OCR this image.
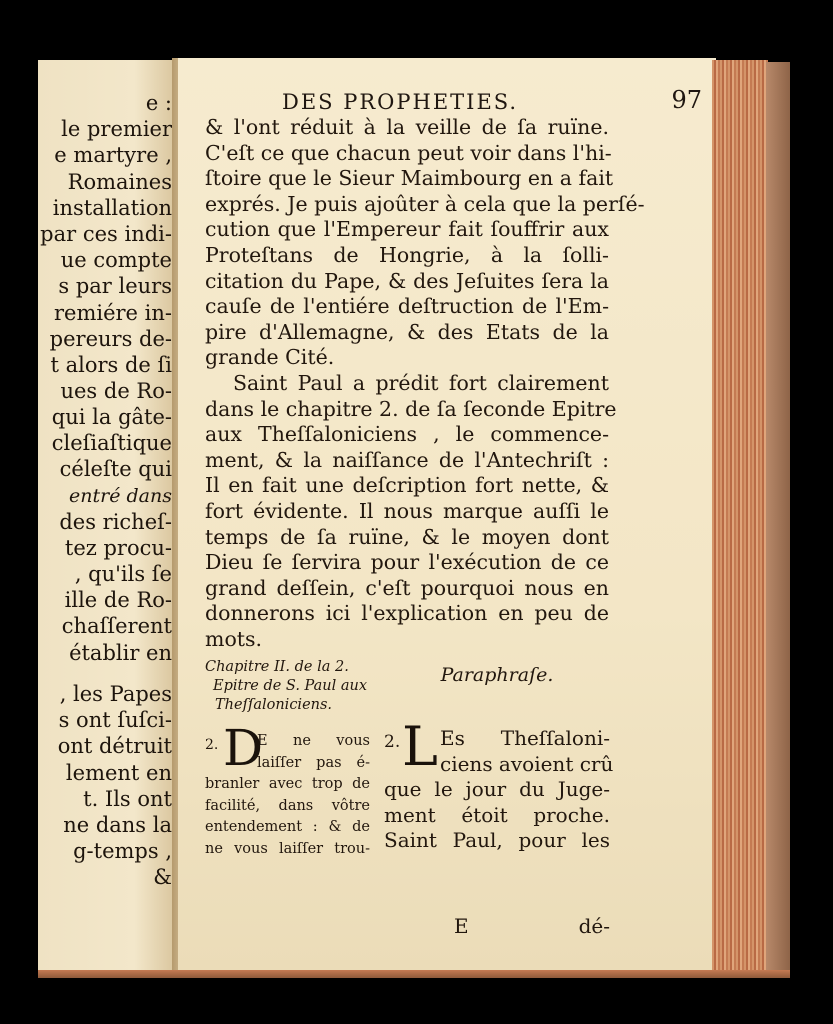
e :
le premier
e martyre ,
Romaines
installation
par ces indi-
ue compte
s par leurs
remiére in-
pereurs de-
t alors de ſi
ues de Ro-
qui la gâte-
cleſiaſtique
céleſte qui
entré dans
des richeſ-
tez procu-
, qu'ils ſe
ille de Ro-
chaſſerent
établir en
, les Papes
s ont ſuſci-
ont détruit
lement en
t. Ils ont
ne dans la
g-temps ,
&
DES PROPHETIES.	97
& l'ont réduit à la veille de ſa ruïne.
C'eſt ce que chacun peut voir dans l'hi-
ſtoire que le Sieur Maimbourg en a fait
exprés. Je puis ajoûter à cela que la perſé-
cution que l'Empereur fait ſouffrir aux
Proteſtans de Hongrie, à la ſolli-
citation du Pape, & des Jeſuites ſera la
cauſe de l'entiére deſtruction de l'Em-
pire d'Allemagne, & des Etats de la
grande Cité.
Saint Paul a prédit fort clairement
dans le chapitre 2. de ſa ſeconde Epitre
aux Theſſaloniciens , le commence-
ment, & la naiſſance de l'Antechriſt :
Il en fait une deſcription fort nette, &
fort évidente. Il nous marque auſſi le
temps de ſa ruïne, & le moyen dont
Dieu ſe ſervira pour l'exécution de ce
grand deſſein, c'eſt pourquoi nous en
donnerons ici l'explication en peu de
mots.
Chapitre II. de la 2.
Epitre de S. Paul aux
Theſſaloniciens.
2. D
E ne vous
laiſſer pas é-
branler avec trop de
facilité, dans vôtre
entendement : & de
ne vous laiſſer trou-
Paraphraſe.
2. L Es Theſſaloni-
ciens avoient crû
que le jour du Juge-
ment étoit proche.
Saint Paul, pour les
E	dé-
